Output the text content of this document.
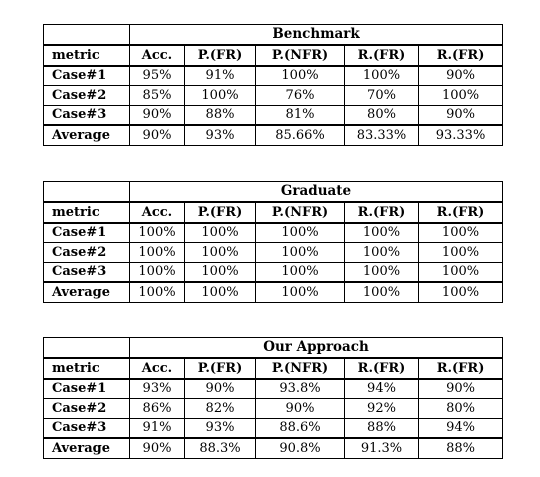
	Benchmark				
metric	Acc.	P.(FR)	P.(NFR)	R.(FR)	R.(FR)
Case#1	95%	91%	100%	100%	90%
Case#2	85%	100%	76%	70%	100%
Case#3	90%	88%	81%	80%	90%
Average	90%	93%	85.66%	83.33%	93.33%
	Graduate				
metric	Acc.	P.(FR)	P.(NFR)	R.(FR)	R.(FR)
Case#1	100%	100%	100%	100%	100%
Case#2	100%	100%	100%	100%	100%
Case#3	100%	100%	100%	100%	100%
Average	100%	100%	100%	100%	100%
	Our Approach				
metric	Acc.	P.(FR)	P.(NFR)	R.(FR)	R.(FR)
Case#1	93%	90%	93.8%	94%	90%
Case#2	86%	82%	90%	92%	80%
Case#3	91%	93%	88.6%	88%	94%
Average	90%	88.3%	90.8%	91.3%	88%
